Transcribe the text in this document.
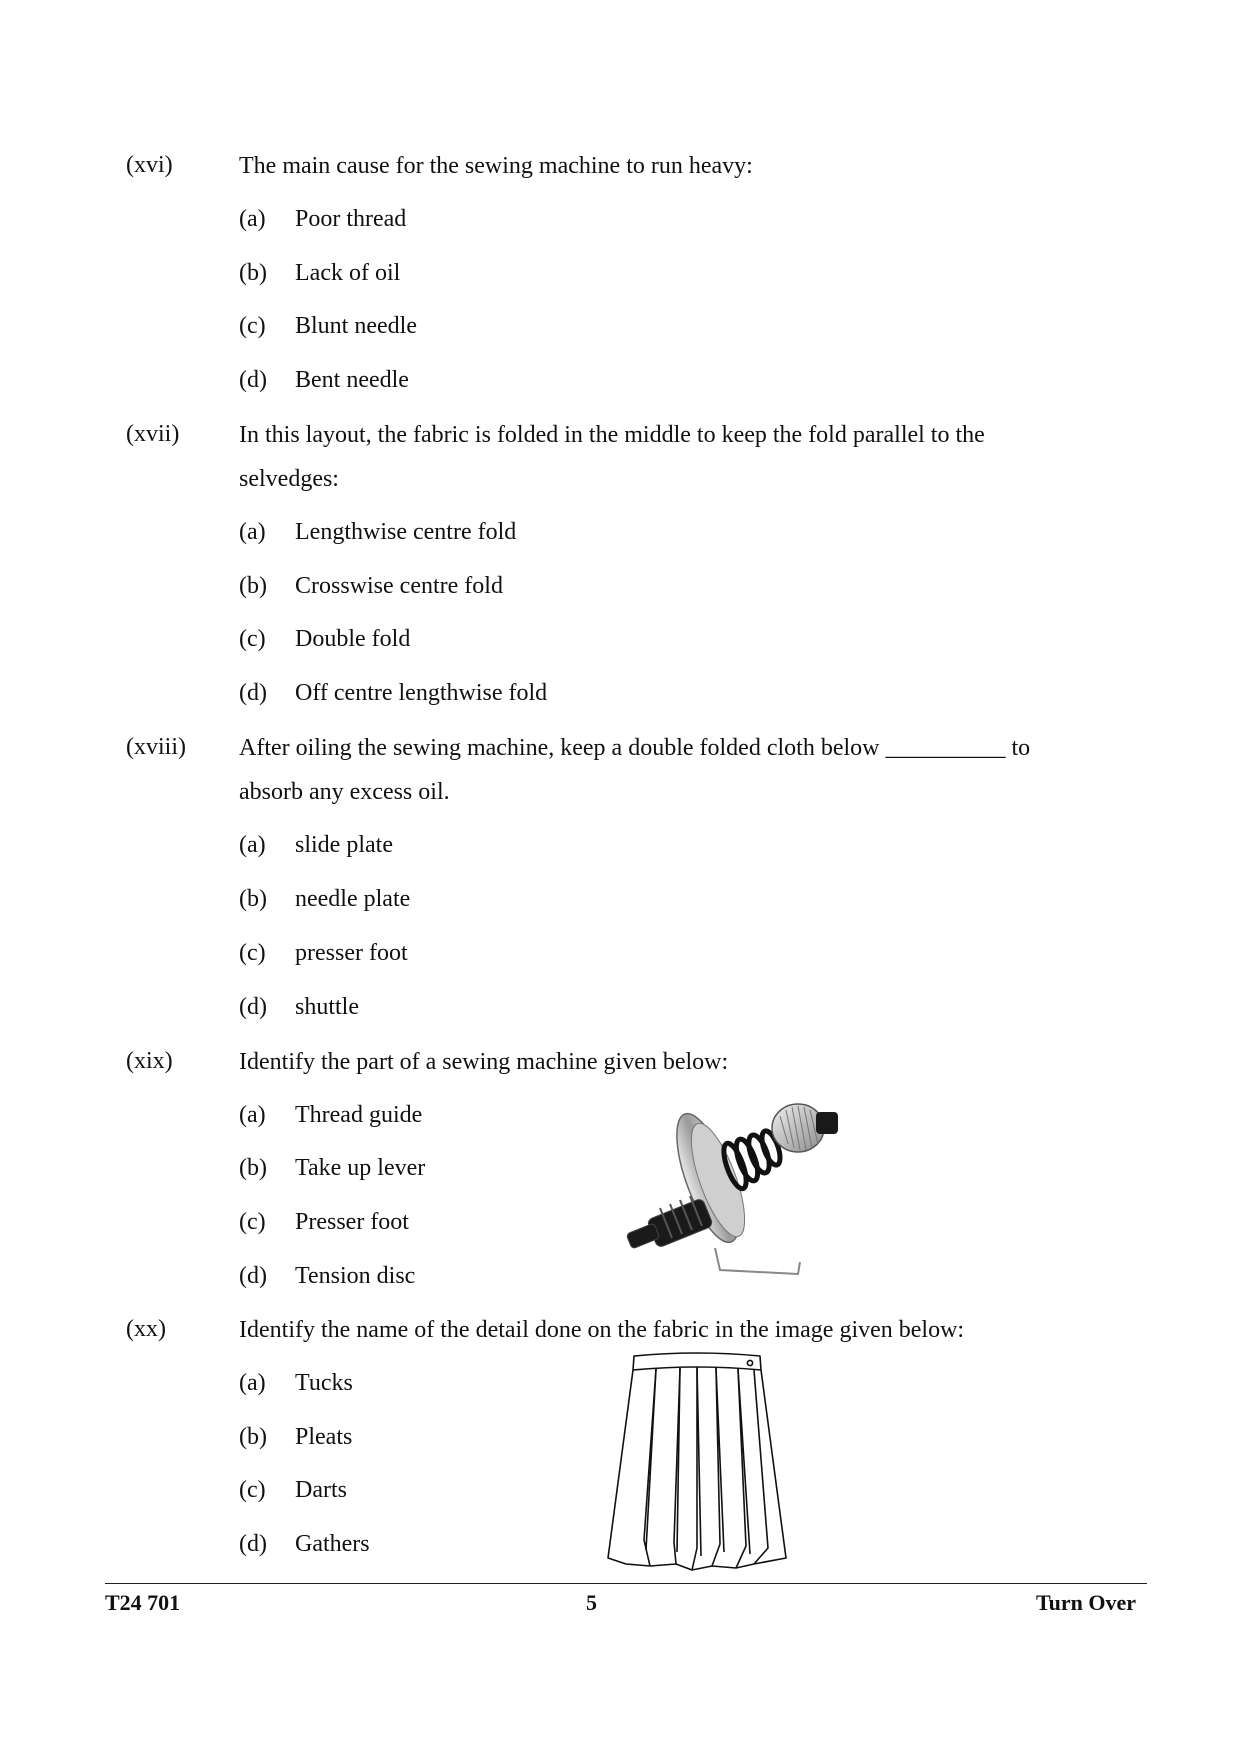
(xvi)	The main cause for the sewing machine to run heavy:
(a) Poor thread
(b) Lack of oil
(c) Blunt needle
(d) Bent needle
(xvii) In this layout, the fabric is folded in the middle to keep the fold parallel to the selvedges:
(a) Lengthwise centre fold
(b) Crosswise centre fold
(c) Double fold
(d) Off centre lengthwise fold
(xviii) After oiling the sewing machine, keep a double folded cloth below __________ to absorb any excess oil.
(a) slide plate
(b) needle plate
(c) presser foot
(d) shuttle
(xix)	Identify the part of a sewing machine given below:
(a) Thread guide
(b) Take up lever
(c) Presser foot
(d) Tension disc
(xx)	Identify the name of the detail done on the fabric in the image given below:
(a) Tucks
(b) Pleats
(c) Darts
(d) Gathers
T24 701	5	Turn Over
